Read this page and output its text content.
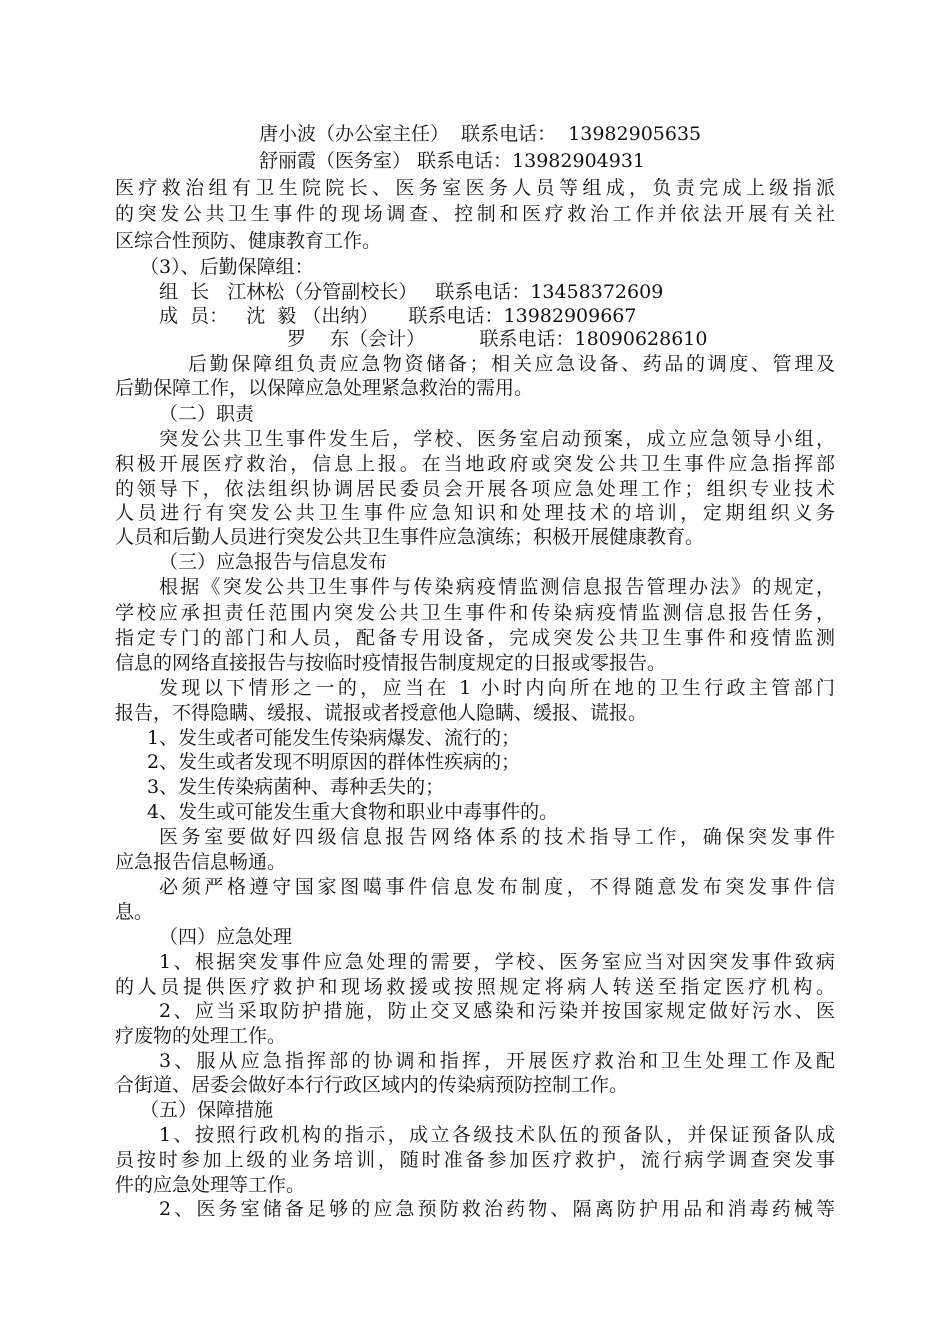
唐小波（办公室主任）  联系电话：  13982905635
舒丽霞（医务室） 联系电话：13982904931
医疗救治组有卫生院院长、医务室医务人员等组成，负责完成上级指派
的突发公共卫生事件的现场调查、控制和医疗救治工作并依法开展有关社
区综合性预防、健康教育工作。
（3）、后勤保障组：
组  长   江林松（分管副校长）   联系电话：13458372609
成  员：   沈  毅 （出纳）     联系电话：13982909667
罗    东（会计）         联系电话：18090628610
后勤保障组负责应急物资储备；相关应急设备、药品的调度、管理及
后勤保障工作，以保障应急处理紧急救治的需用。
（二）职责
突发公共卫生事件发生后，学校、医务室启动预案，成立应急领导小组，
积极开展医疗救治，信息上报。在当地政府或突发公共卫生事件应急指挥部
的领导下，依法组织协调居民委员会开展各项应急处理工作；组织专业技术
人员进行有突发公共卫生事件应急知识和处理技术的培训，定期组织义务
人员和后勤人员进行突发公共卫生事件应急演练；积极开展健康教育。
（三）应急报告与信息发布
根据《突发公共卫生事件与传染病疫情监测信息报告管理办法》的规定，
学校应承担责任范围内突发公共卫生事件和传染病疫情监测信息报告任务，
指定专门的部门和人员，配备专用设备，完成突发公共卫生事件和疫情监测
信息的网络直接报告与按临时疫情报告制度规定的日报或零报告。
发现以下情形之一的，应当在 1 小时内向所在地的卫生行政主管部门
报告，不得隐瞒、缓报、谎报或者授意他人隐瞒、缓报、谎报。
1、发生或者可能发生传染病爆发、流行的；
2、发生或者发现不明原因的群体性疾病的；
3、发生传染病菌种、毒种丢失的；
4、发生或可能发生重大食物和职业中毒事件的。
医务室要做好四级信息报告网络体系的技术指导工作，确保突发事件
应急报告信息畅通。
必须严格遵守国家图噶事件信息发布制度，不得随意发布突发事件信
息。
（四）应急处理
1、根据突发事件应急处理的需要，学校、医务室应当对因突发事件致病
的人员提供医疗救护和现场救援或按照规定将病人转送至指定医疗机构。
2、应当采取防护措施，防止交叉感染和污染并按国家规定做好污水、医
疗废物的处理工作。
3、服从应急指挥部的协调和指挥，开展医疗救治和卫生处理工作及配
合街道、居委会做好本行行政区域内的传染病预防控制工作。
（五）保障措施
1、按照行政机构的指示，成立各级技术队伍的预备队，并保证预备队成
员按时参加上级的业务培训，随时准备参加医疗救护，流行病学调查突发事
件的应急处理等工作。
2、医务室储备足够的应急预防救治药物、隔离防护用品和消毒药械等
